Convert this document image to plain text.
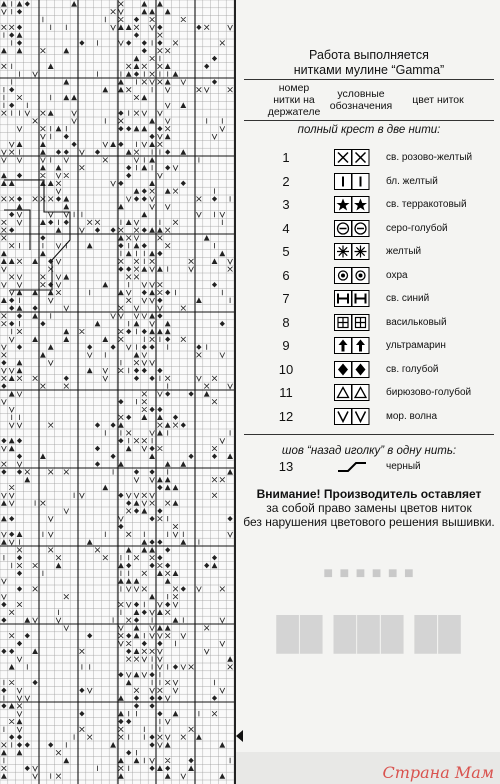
Работа выполняется
нитками мулине “Gamma”
номер
нитки на
держателе
условные
обозначения	цвет ниток
полный крест в две нити:
1	св. розово-желтый
2	бл. желтый
3	св. терракотовый
4	серо-голубой
5	желтый
6	охра
7	св. синий
8	васильковый
9	ультрамарин
10	св. голубой
11	бирюзово-голубой
12	мор. волна
шов “назад иголку” в одну нить:
13	черный
Внимание! Производитель оставляет
за собой право замены цветов ниток
без нарушения цветового решения вышивки.
■ ■ ■ ■ ■ ■
██ ███ ██
Страна Мам
